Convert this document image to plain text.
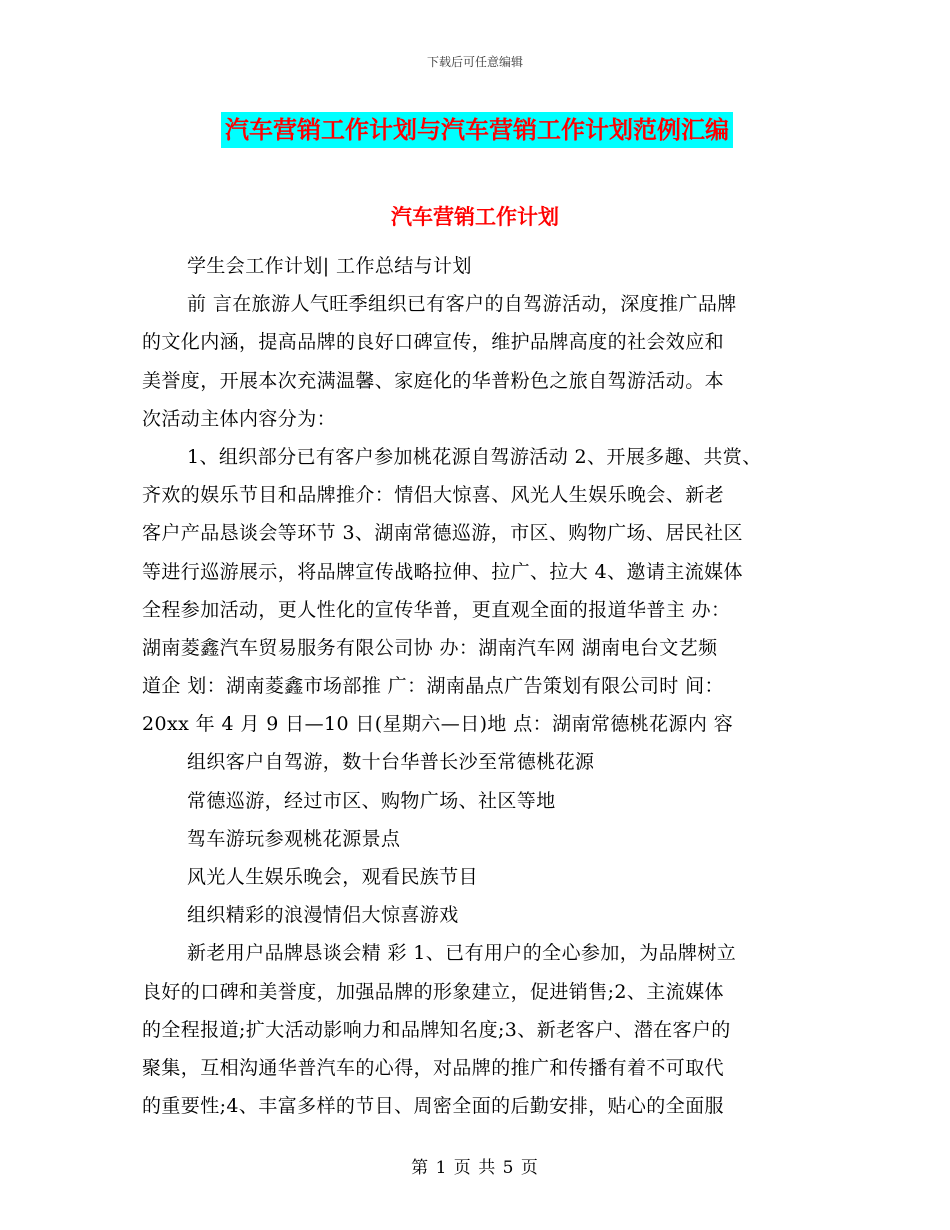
下载后可任意编辑
汽车营销工作计划与汽车营销工作计划范例汇编
汽车营销工作计划
学生会工作计划| 工作总结与计划
前 言在旅游人气旺季组织已有客户的自驾游活动，深度推广品牌
的文化内涵，提高品牌的良好口碑宣传，维护品牌高度的社会效应和
美誉度，开展本次充满温馨、家庭化的华普粉色之旅自驾游活动。本
次活动主体内容分为：
1、组织部分已有客户参加桃花源自驾游活动 2、开展多趣、共赏、
齐欢的娱乐节目和品牌推介：情侣大惊喜、风光人生娱乐晚会、新老
客户产品恳谈会等环节 3、湖南常德巡游，市区、购物广场、居民社区
等进行巡游展示，将品牌宣传战略拉伸、拉广、拉大 4、邀请主流媒体
全程参加活动，更人性化的宣传华普，更直观全面的报道华普主 办：
湖南菱鑫汽车贸易服务有限公司协 办：湖南汽车网 湖南电台文艺频
道企 划：湖南菱鑫市场部推 广：湖南晶点广告策划有限公司时 间：
20xx 年 4 月 9 日—10 日(星期六—日)地 点：湖南常德桃花源内 容
组织客户自驾游，数十台华普长沙至常德桃花源
常德巡游，经过市区、购物广场、社区等地
驾车游玩参观桃花源景点
风光人生娱乐晚会，观看民族节目
组织精彩的浪漫情侣大惊喜游戏
新老用户品牌恳谈会精 彩 1、已有用户的全心参加，为品牌树立
良好的口碑和美誉度，加强品牌的形象建立，促进销售;2、主流媒体
的全程报道;扩大活动影响力和品牌知名度;3、新老客户、潜在客户的
聚集，互相沟通华普汽车的心得，对品牌的推广和传播有着不可取代
的重要性;4、丰富多样的节目、周密全面的后勤安排，贴心的全面服
第 1 页 共 5 页
